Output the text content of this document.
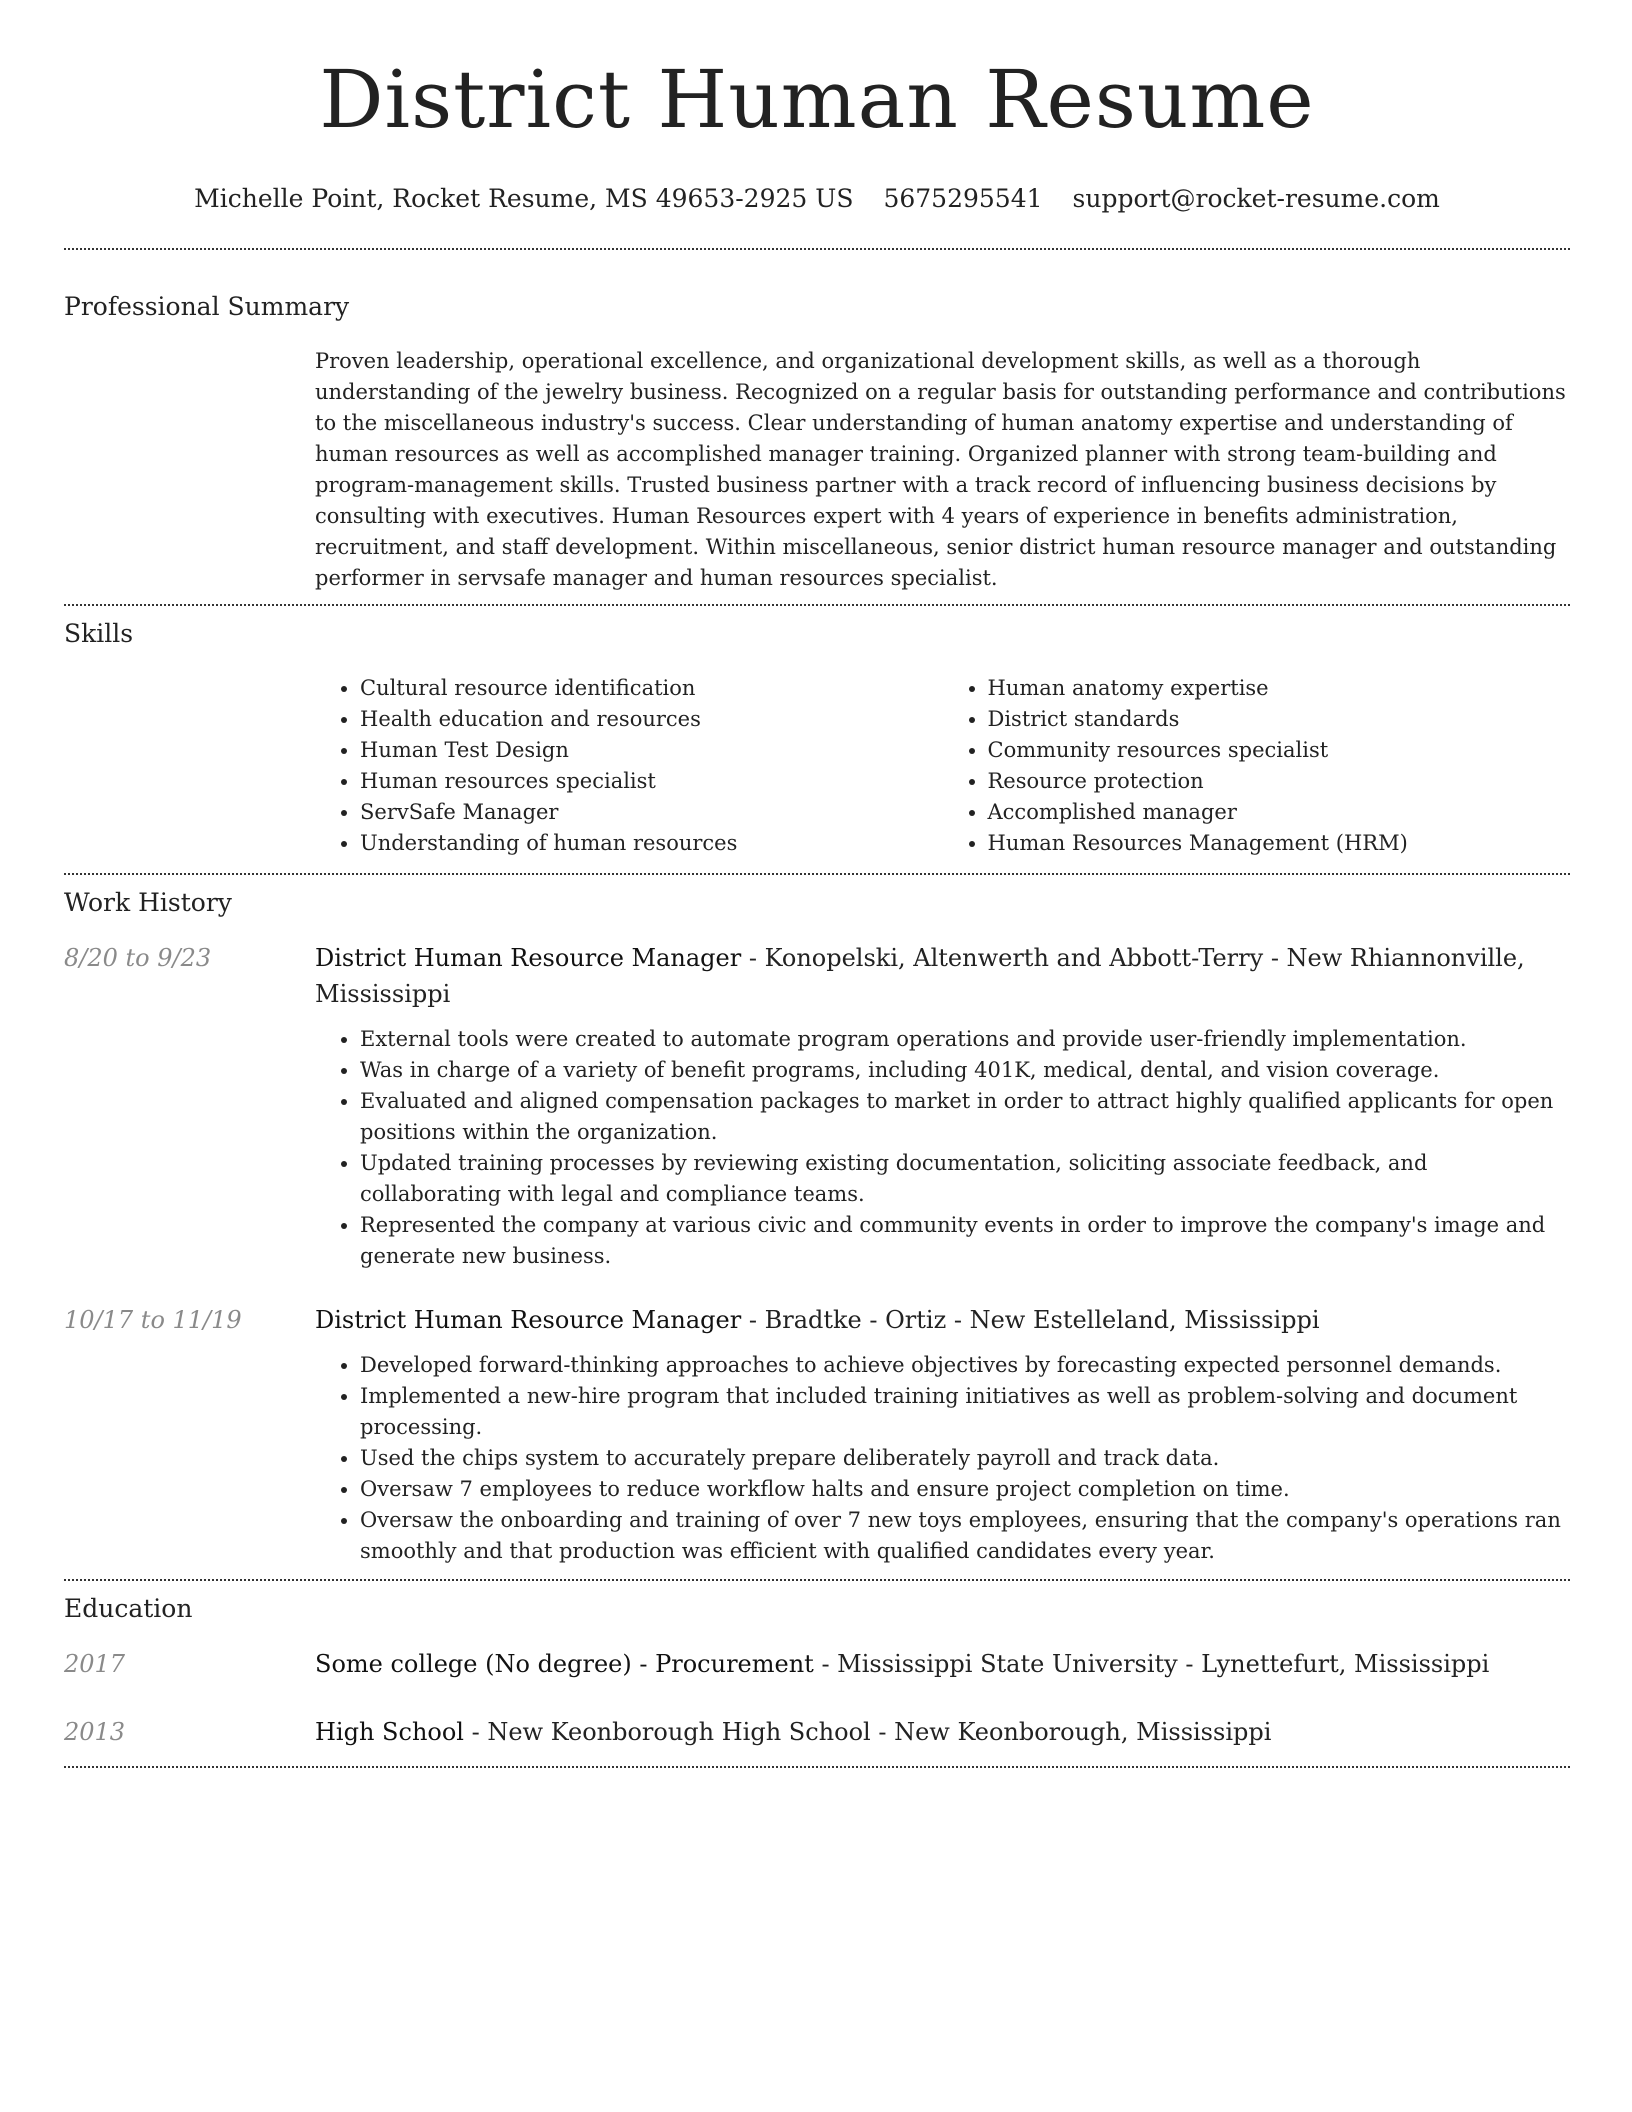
District Human Resume
Michelle Point, Rocket Resume, MS 49653-2925 US 5675295541 support@rocket-resume.com
Professional Summary
Proven leadership, operational excellence, and organizational development skills, as well as a thorough understanding of the jewelry business. Recognized on a regular basis for outstanding performance and contributions to the miscellaneous industry's success. Clear understanding of human anatomy expertise and understanding of human resources as well as accomplished manager training. Organized planner with strong team-building and program-management skills. Trusted business partner with a track record of influencing business decisions by consulting with executives. Human Resources expert with 4 years of experience in benefits administration, recruitment, and staff development. Within miscellaneous, senior district human resource manager and outstanding performer in servsafe manager and human resources specialist.
Skills
• Cultural resource identification
• Health education and resources
• Human Test Design
• Human resources specialist
• ServSafe Manager
• Understanding of human resources
• Human anatomy expertise
• District standards
• Community resources specialist
• Resource protection
• Accomplished manager
• Human Resources Management (HRM)
Work History
8/20 to 9/23	District Human Resource Manager - Konopelski, Altenwerth and Abbott-Terry - New Rhiannonville, Mississippi
• External tools were created to automate program operations and provide user-friendly implementation.
• Was in charge of a variety of benefit programs, including 401K, medical, dental, and vision coverage.
• Evaluated and aligned compensation packages to market in order to attract highly qualified applicants for open positions within the organization.
• Updated training processes by reviewing existing documentation, soliciting associate feedback, and collaborating with legal and compliance teams.
• Represented the company at various civic and community events in order to improve the company's image and generate new business.
10/17 to 11/19	District Human Resource Manager - Bradtke - Ortiz - New Estelleland, Mississippi
• Developed forward-thinking approaches to achieve objectives by forecasting expected personnel demands.
• Implemented a new-hire program that included training initiatives as well as problem-solving and document processing.
• Used the chips system to accurately prepare deliberately payroll and track data.
• Oversaw 7 employees to reduce workflow halts and ensure project completion on time.
• Oversaw the onboarding and training of over 7 new toys employees, ensuring that the company's operations ran smoothly and that production was efficient with qualified candidates every year.
Education
2017	Some college (No degree) - Procurement - Mississippi State University - Lynettefurt, Mississippi
2013	High School - New Keonborough High School - New Keonborough, Mississippi
